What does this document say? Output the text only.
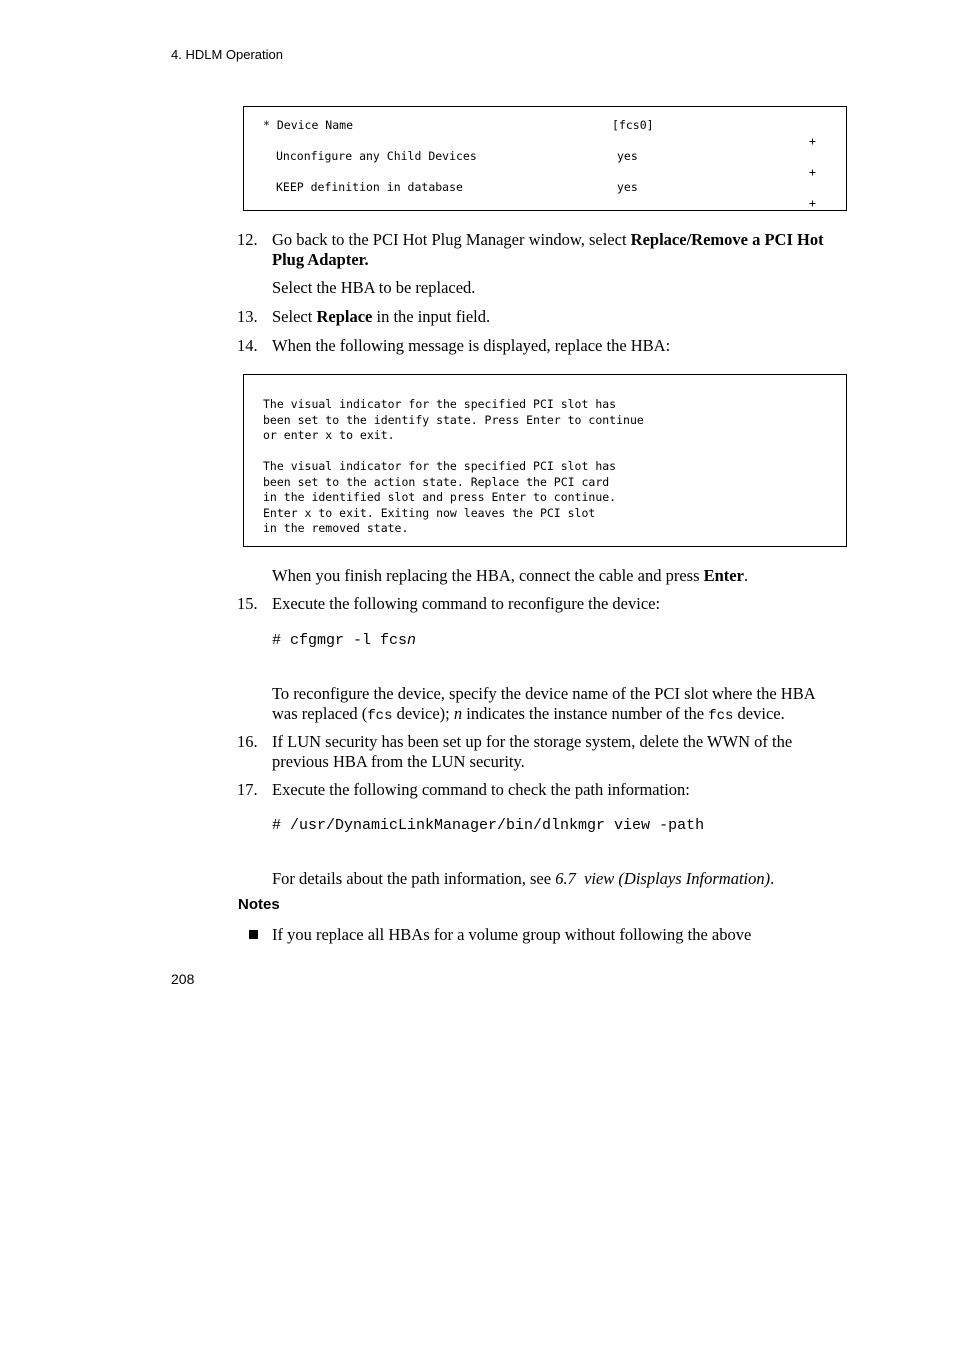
4. HDLM Operation
* Device Name	[fcs0]
+
Unconfigure any Child Devices	yes
+
KEEP definition in database	yes
+
12. Go back to the PCI Hot Plug Manager window, select Replace/Remove a PCI Hot Plug Adapter.
Select the HBA to be replaced.
13. Select Replace in the input field.
14. When the following message is displayed, replace the HBA:
The visual indicator for the specified PCI slot has
been set to the identify state. Press Enter to continue
or enter x to exit.
The visual indicator for the specified PCI slot has
been set to the action state. Replace the PCI card
in the identified slot and press Enter to continue.
Enter x to exit. Exiting now leaves the PCI slot
in the removed state.
When you finish replacing the HBA, connect the cable and press Enter.
15. Execute the following command to reconfigure the device:
# cfgmgr -l fcsn
To reconfigure the device, specify the device name of the PCI slot where the HBA was replaced (fcs device); n indicates the instance number of the fcs device.
16. If LUN security has been set up for the storage system, delete the WWN of the previous HBA from the LUN security.
17. Execute the following command to check the path information:
# /usr/DynamicLinkManager/bin/dlnkmgr view -path
For details about the path information, see 6.7  view (Displays Information).
Notes
If you replace all HBAs for a volume group without following the above
208
